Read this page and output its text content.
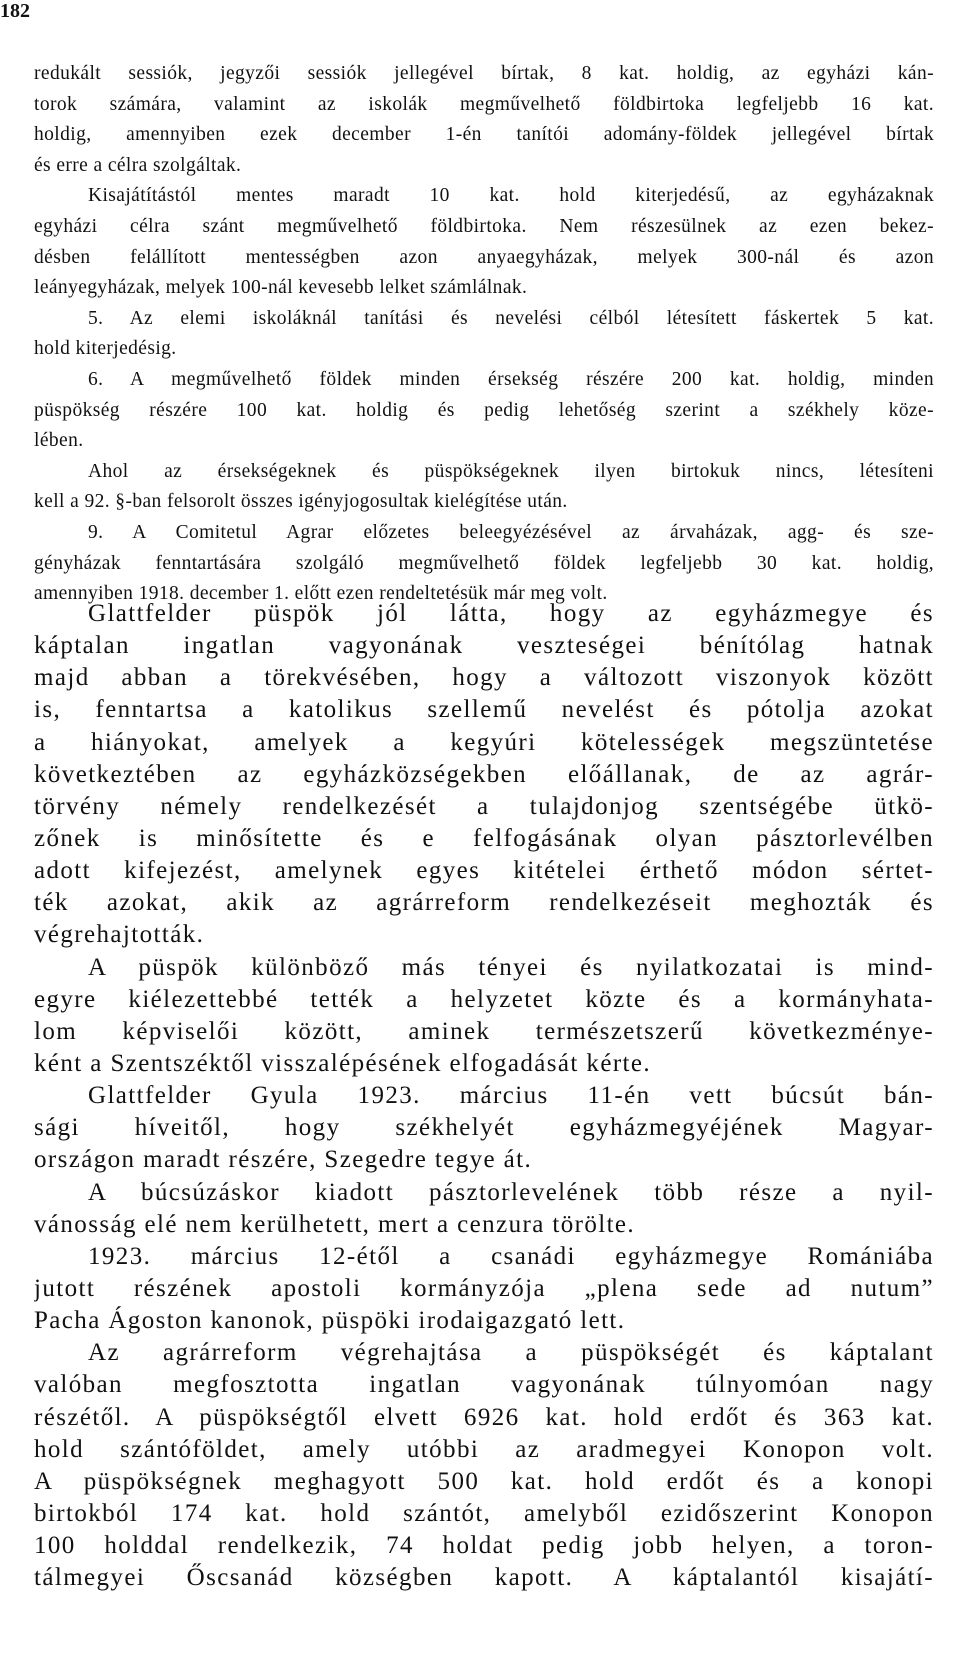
182
redukált sessiók, jegyzői sessiók jellegével bírtak, 8 kat. holdig, az egyházi kán-
torok számára, valamint az iskolák megművelhető földbirtoka legfeljebb 16 kat.
holdig, amennyiben ezek december 1-én tanítói adomány-földek jellegével bírtak
és erre a célra szolgáltak.
Kisajátítástól mentes maradt 10 kat. hold kiterjedésű, az egyházaknak
egyházi célra szánt megművelhető földbirtoka. Nem részesülnek az ezen bekez-
désben felállított mentességben azon anyaegyházak, melyek 300-nál és azon
leányegyházak, melyek 100-nál kevesebb lelket számlálnak.
5. Az elemi iskoláknál tanítási és nevelési célból létesített fáskertek 5 kat.
hold kiterjedésig.
6. A megművelhető földek minden érsekség részére 200 kat. holdig, minden
püspökség részére 100 kat. holdig és pedig lehetőség szerint a székhely köze-
lében.
Ahol az érsekségeknek és püspökségeknek ilyen birtokuk nincs, létesíteni
kell a 92. §-ban felsorolt összes igényjogosultak kielégítése után.
9. A Comitetul Agrar előzetes beleegyézésével az árvaházak, agg- és sze-
gényházak fenntartására szolgáló megművelhető földek legfeljebb 30 kat. holdig,
amennyiben 1918. december 1. előtt ezen rendeltetésük már meg volt.
Glattfelder püspök jól látta, hogy az egyházmegye és
káptalan ingatlan vagyonának veszteségei bénítólag hatnak
majd abban a törekvésében, hogy a változott viszonyok között
is, fenntartsa a katolikus szellemű nevelést és pótolja azokat
a hiányokat, amelyek a kegyúri kötelességek megszüntetése
következtében az egyházközségekben előállanak, de az agrár-
törvény némely rendelkezését a tulajdonjog szentségébe ütkö-
zőnek is minősítette és e felfogásának olyan pásztorlevélben
adott kifejezést, amelynek egyes kitételei érthető módon sértet-
ték azokat, akik az agrárreform rendelkezéseit meghozták és
végrehajtották.
A püspök különböző más tényei és nyilatkozatai is mind-
egyre kiélezettebbé tették a helyzetet közte és a kormányhata-
lom képviselői között, aminek természetszerű következménye-
ként a Szentszéktől visszalépésének elfogadását kérte.
Glattfelder Gyula 1923. március 11-én vett búcsút bán-
sági híveitől, hogy székhelyét egyházmegyéjének Magyar-
országon maradt részére, Szegedre tegye át.
A búcsúzáskor kiadott pásztorlevelének több része a nyil-
vánosság elé nem kerülhetett, mert a cenzura törölte.
1923. március 12-étől a csanádi egyházmegye Romániába
jutott részének apostoli kormányzója „plena sede ad nutum”
Pacha Ágoston kanonok, püspöki irodaigazgató lett.
Az agrárreform végrehajtása a püspökségét és káptalant
valóban megfosztotta ingatlan vagyonának túlnyomóan nagy
részétől. A püspökségtől elvett 6926 kat. hold erdőt és 363 kat.
hold szántóföldet, amely utóbbi az aradmegyei Konopon volt.
A püspökségnek meghagyott 500 kat. hold erdőt és a konopi
birtokból 174 kat. hold szántót, amelyből ezidőszerint Konopon
100 holddal rendelkezik, 74 holdat pedig jobb helyen, a toron-
tálmegyei Őscsanád községben kapott. A káptalantól kisajátí-
